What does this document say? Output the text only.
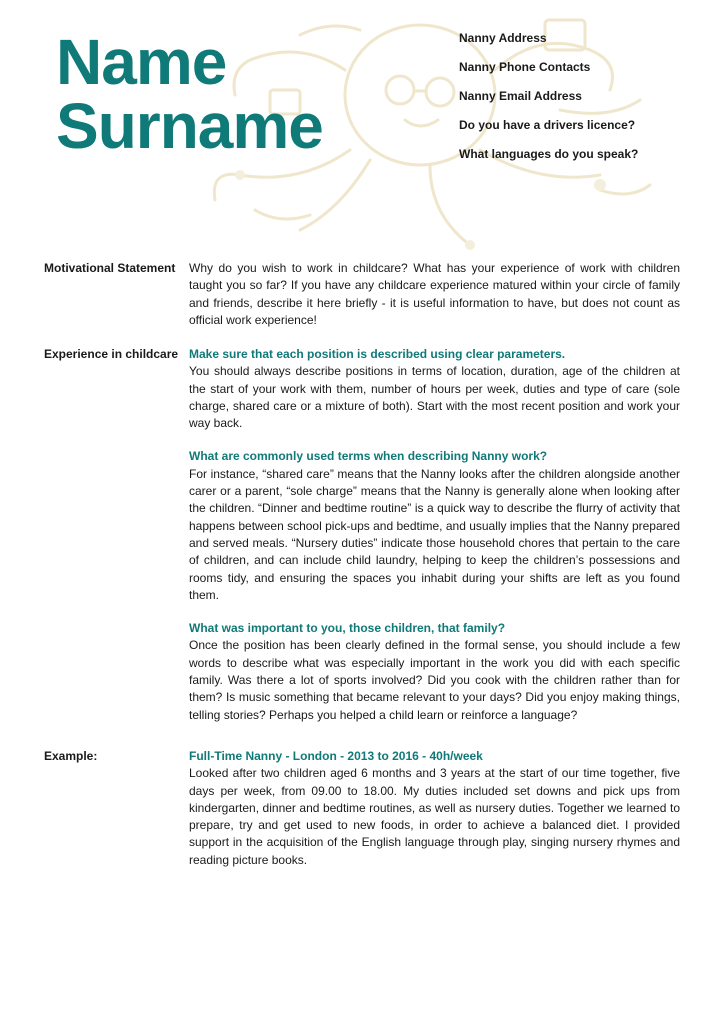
Name
Surname
Nanny Address
Nanny Phone Contacts
Nanny Email Address
Do you have a drivers licence?
What languages do you speak?
Motivational Statement Why do you wish to work in childcare? What has your experience of work with children taught you so far? If you have any childcare experience matured within your circle of family and friends, describe it here briefly - it is useful information to have, but does not count as official work experience!

Experience in childcare Make sure that each position is described using clear parameters.

You should always describe positions in terms of location, duration, age of the children at the start of your work with them, number of hours per week, duties and type of care (sole charge, shared care or a mixture of both). Start with the most recent position and work your way back.

What are commonly used terms when describing Nanny work?

For instance, “shared care” means that the Nanny looks after the children alongside another carer or a parent, “sole charge” means that the Nanny is generally alone when looking after the children. “Dinner and bedtime routine” is a quick way to describe the flurry of activity that happens between school pick-ups and bedtime, and usually implies that the Nanny prepared and served meals. “Nursery duties” indicate those household chores that pertain to the care of children, and can include child laundry, helping to keep the children’s possessions and rooms tidy, and ensuring the spaces you inhabit during your shifts are left as you found them.

What was important to you, those children, that family?

Once the position has been clearly defined in the formal sense, you should include a few words to describe what was especially important in the work you did with each specific family. Was there a lot of sports involved? Did you cook with the children rather than for them? Is music something that became relevant to your days? Did you enjoy making things, telling stories? Perhaps you helped a child learn or reinforce a language?

Example:	Full-Time Nanny - London - 2013 to 2016 - 40h/week

Looked after two children aged 6 months and 3 years at the start of our time together, five days per week, from 09.00 to 18.00. My duties included set downs and pick ups from kindergarten, dinner and bedtime routines, as well as nursery duties. Together we learned to prepare, try and get used to new foods, in order to achieve a balanced diet. I provided support in the acquisition of the English language through play, singing nursery rhymes and reading picture books.
